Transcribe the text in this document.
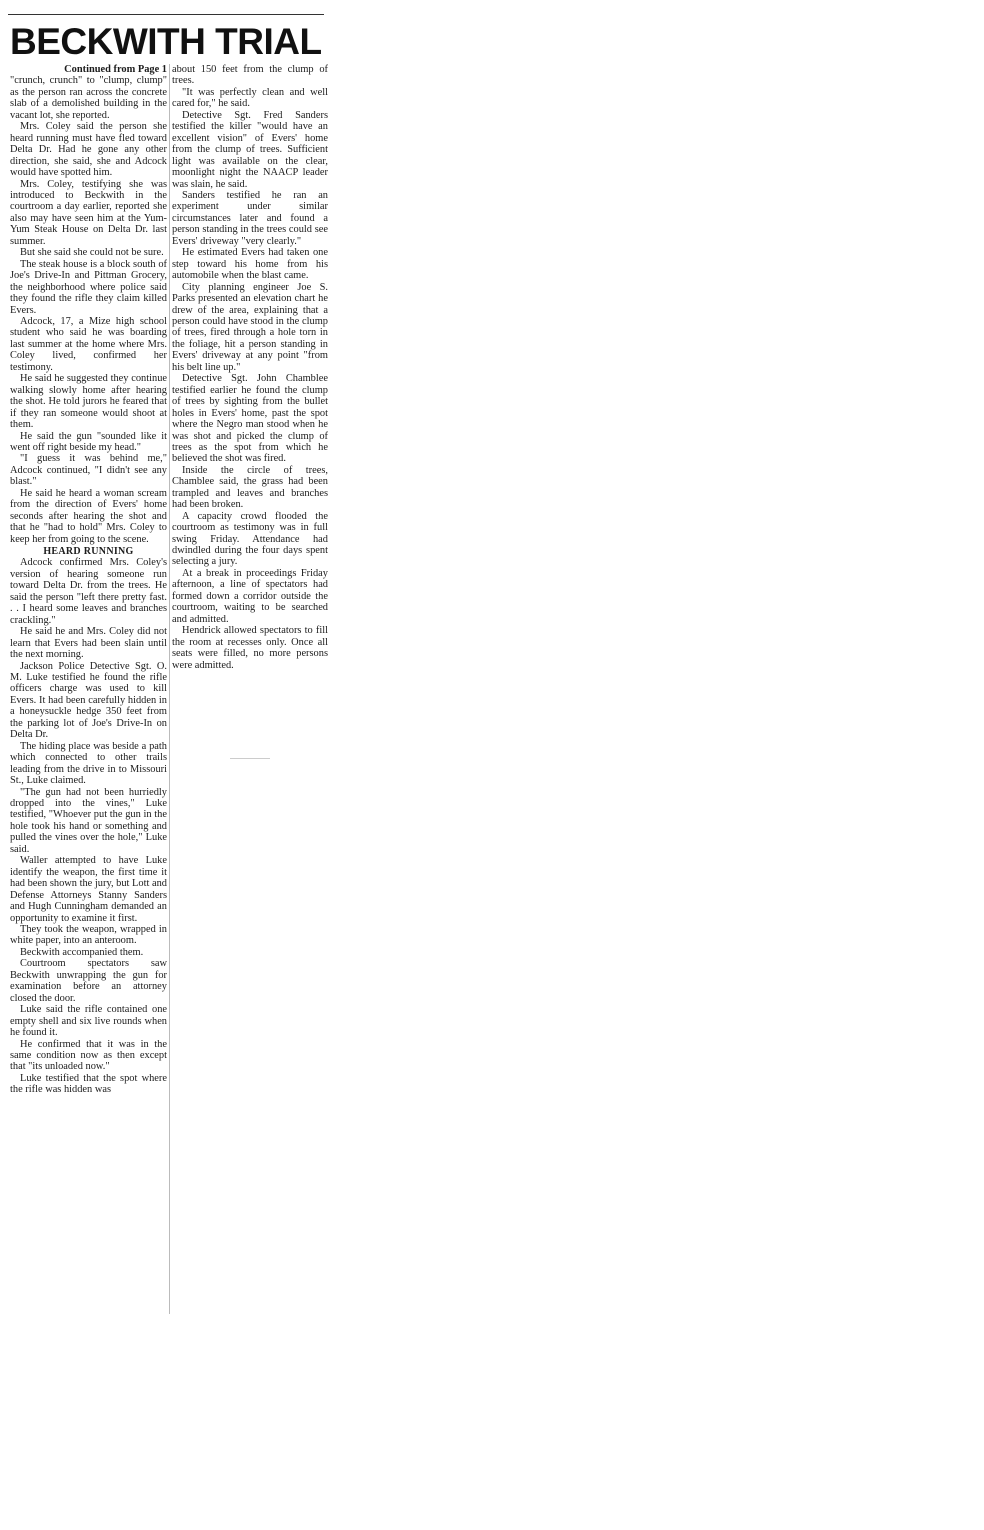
BECKWITH TRIAL

Continued from Page 1

"crunch, crunch" to "clump, clump" as the person ran across the concrete slab of a demolished building in the vacant lot, she reported.

Mrs. Coley said the person she heard running must have fled toward Delta Dr. Had he gone any other direction, she said, she and Adcock would have spotted him.

Mrs. Coley, testifying she was introduced to Beckwith in the courtroom a day earlier, reported she also may have seen him at the Yum-Yum Steak House on Delta Dr. last summer.

But she said she could not be sure.

The steak house is a block south of Joe's Drive-In and Pittman Grocery, the neighborhood where police said they found the rifle they claim killed Evers.

Adcock, 17, a Mize high school student who said he was boarding last summer at the home where Mrs. Coley lived, confirmed her testimony.

He said he suggested they continue walking slowly home after hearing the shot. He told jurors he feared that if they ran someone would shoot at them.

He said the gun "sounded like it went off right beside my head."

"I guess it was behind me," Adcock continued, "I didn't see any blast."

He said he heard a woman scream from the direction of Evers' home seconds after hearing the shot and that he "had to hold" Mrs. Coley to keep her from going to the scene.

HEARD RUNNING

Adcock confirmed Mrs. Coley's version of hearing someone run toward Delta Dr. from the trees. He said the person "left there pretty fast. . . I heard some leaves and branches crackling."

He said he and Mrs. Coley did not learn that Evers had been slain until the next morning.

Jackson Police Detective Sgt. O. M. Luke testified he found the rifle officers charge was used to kill Evers. It had been carefully hidden in a honeysuckle hedge 350 feet from the parking lot of Joe's Drive-In on Delta Dr.

The hiding place was beside a path which connected to other trails leading from the drive in to Missouri St., Luke claimed.

"The gun had not been hurriedly dropped into the vines," Luke testified, "Whoever put the gun in the hole took his hand or something and pulled the vines over the hole," Luke said.

Waller attempted to have Luke identify the weapon, the first time it had been shown the jury, but Lott and Defense Attorneys Stanny Sanders and Hugh Cunningham demanded an opportunity to examine it first.

They took the weapon, wrapped in white paper, into an anteroom.

Beckwith accompanied them.

Courtroom spectators saw Beckwith unwrapping the gun for examination before an attorney closed the door.

Luke said the rifle contained one empty shell and six live rounds when he found it.

He confirmed that it was in the same condition now as then except that "its unloaded now."

Luke testified that the spot where the rifle was hidden was

about 150 feet from the clump of trees.

"It was perfectly clean and well cared for," he said.

Detective Sgt. Fred Sanders testified the killer "would have an excellent vision" of Evers' home from the clump of trees. Sufficient light was available on the clear, moonlight night the NAACP leader was slain, he said.

Sanders testified he ran an experiment under similar circumstances later and found a person standing in the trees could see Evers' driveway "very clearly."

He estimated Evers had taken one step toward his home from his automobile when the blast came.

City planning engineer Joe S. Parks presented an elevation chart he drew of the area, explaining that a person could have stood in the clump of trees, fired through a hole torn in the foliage, hit a person standing in Evers' driveway at any point "from his belt line up."

Detective Sgt. John Chamblee testified earlier he found the clump of trees by sighting from the bullet holes in Evers' home, past the spot where the Negro man stood when he was shot and picked the clump of trees as the spot from which he believed the shot was fired.

Inside the circle of trees, Chamblee said, the grass had been trampled and leaves and branches had been broken.

A capacity crowd flooded the courtroom as testimony was in full swing Friday. Attendance had dwindled during the four days spent selecting a jury.

At a break in proceedings Friday afternoon, a line of spectators had formed down a corridor outside the courtroom, waiting to be searched and admitted.

Hendrick allowed spectators to fill the room at recesses only. Once all seats were filled, no more persons were admitted.
